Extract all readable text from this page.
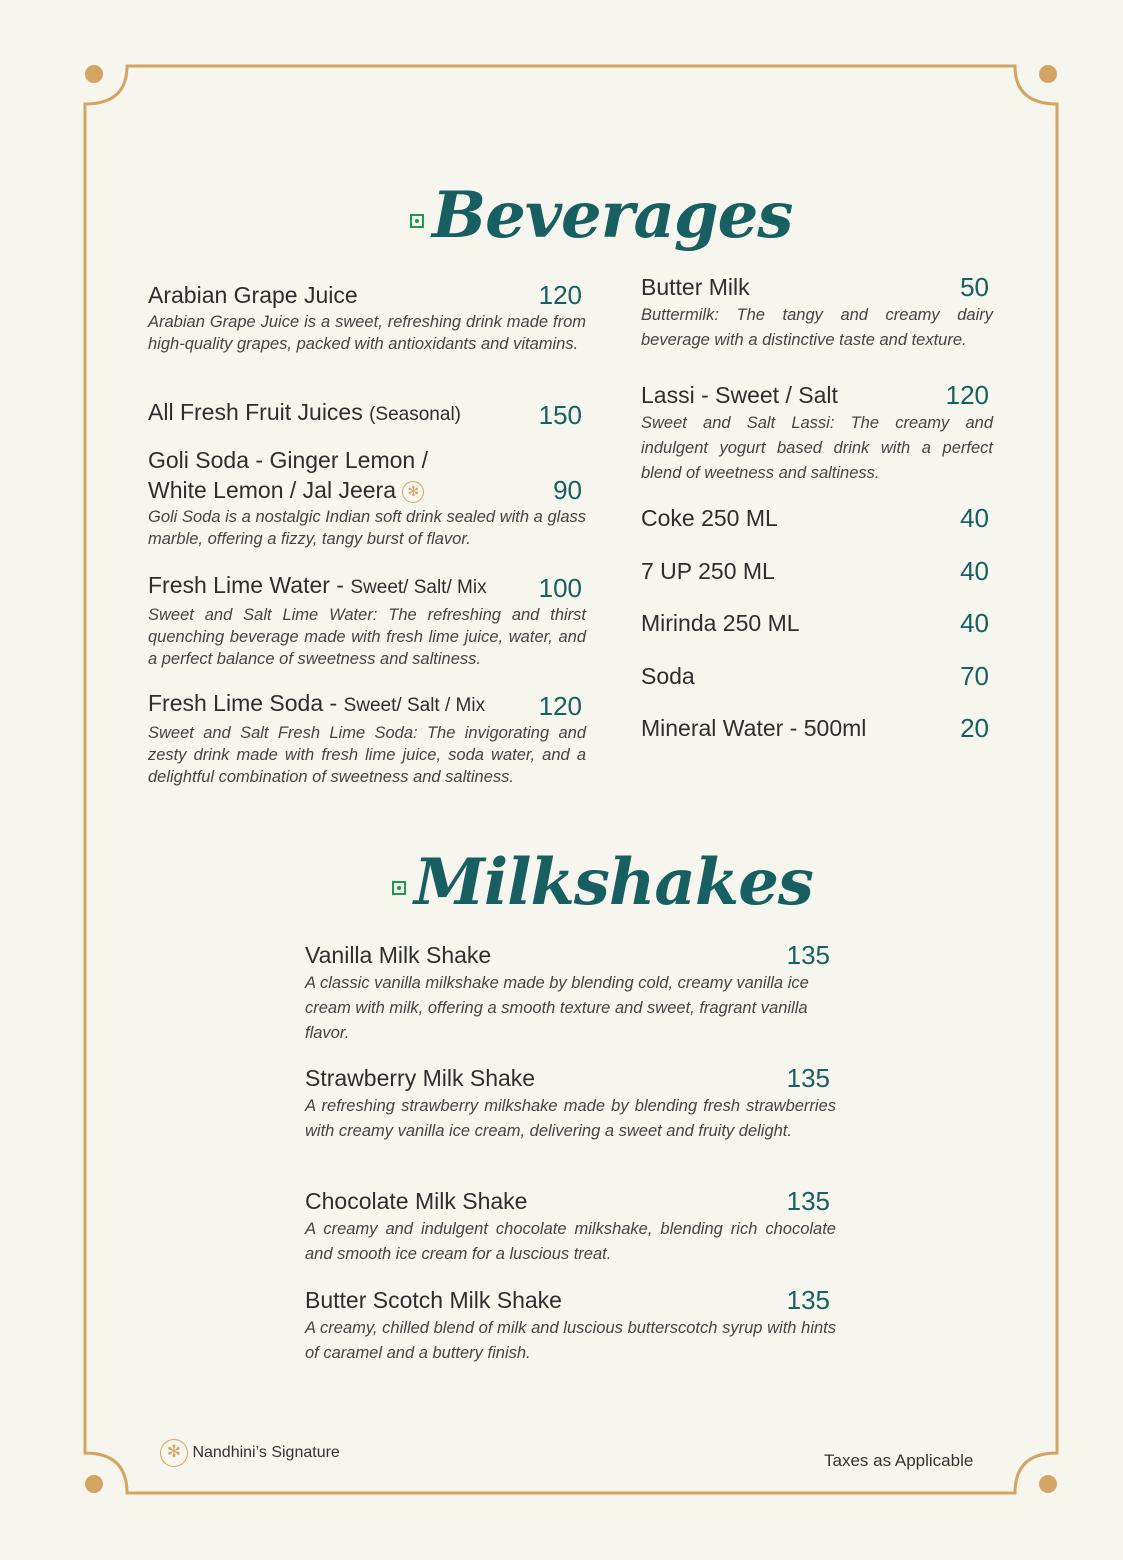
Beverages
Arabian Grape Juice	120
Arabian Grape Juice is a sweet, refreshing drink made from high-quality grapes, packed with antioxidants and vitamins.
All Fresh Fruit Juices (Seasonal)	150
Goli Soda - Ginger Lemon /
White Lemon / Jal Jeera ✻	90
Goli Soda is a nostalgic Indian soft drink sealed with a glass marble, offering a fizzy, tangy burst of flavor.
Fresh Lime Water - Sweet/ Salt/ Mix 100
Sweet and Salt Lime Water: The refreshing and thirst quenching beverage made with fresh lime juice, water, and a perfect balance of sweetness and saltiness.
Fresh Lime Soda - Sweet/ Salt / Mix 120
Sweet and Salt Fresh Lime Soda: The invigorating and zesty drink made with fresh lime juice, soda water, and a delightful combination of sweetness and saltiness.
Butter Milk	50
Buttermilk: The tangy and creamy dairy beverage with a distinctive taste and texture.
Lassi - Sweet / Salt	120
Sweet and Salt Lassi: The creamy and indulgent yogurt based drink with a perfect blend of weetness and saltiness.
Coke 250 ML	40
7 UP 250 ML	40
Mirinda 250 ML	40
Soda	70
Mineral Water - 500ml	20
Milkshakes
Vanilla Milk Shake	135
A classic vanilla milkshake made by blending cold, creamy vanilla ice cream with milk, offering a smooth texture and sweet, fragrant vanilla flavor.
Strawberry Milk Shake	135
A refreshing strawberry milkshake made by blending fresh strawberries with creamy vanilla ice cream, delivering a sweet and fruity delight.
Chocolate Milk Shake	135
A creamy and indulgent chocolate milkshake, blending rich chocolate and smooth ice cream for a luscious treat.
Butter Scotch Milk Shake	135
A creamy, chilled blend of milk and luscious butterscotch syrup with hints of caramel and a buttery finish.
✻ Nandhini’s Signature	Taxes as Applicable
